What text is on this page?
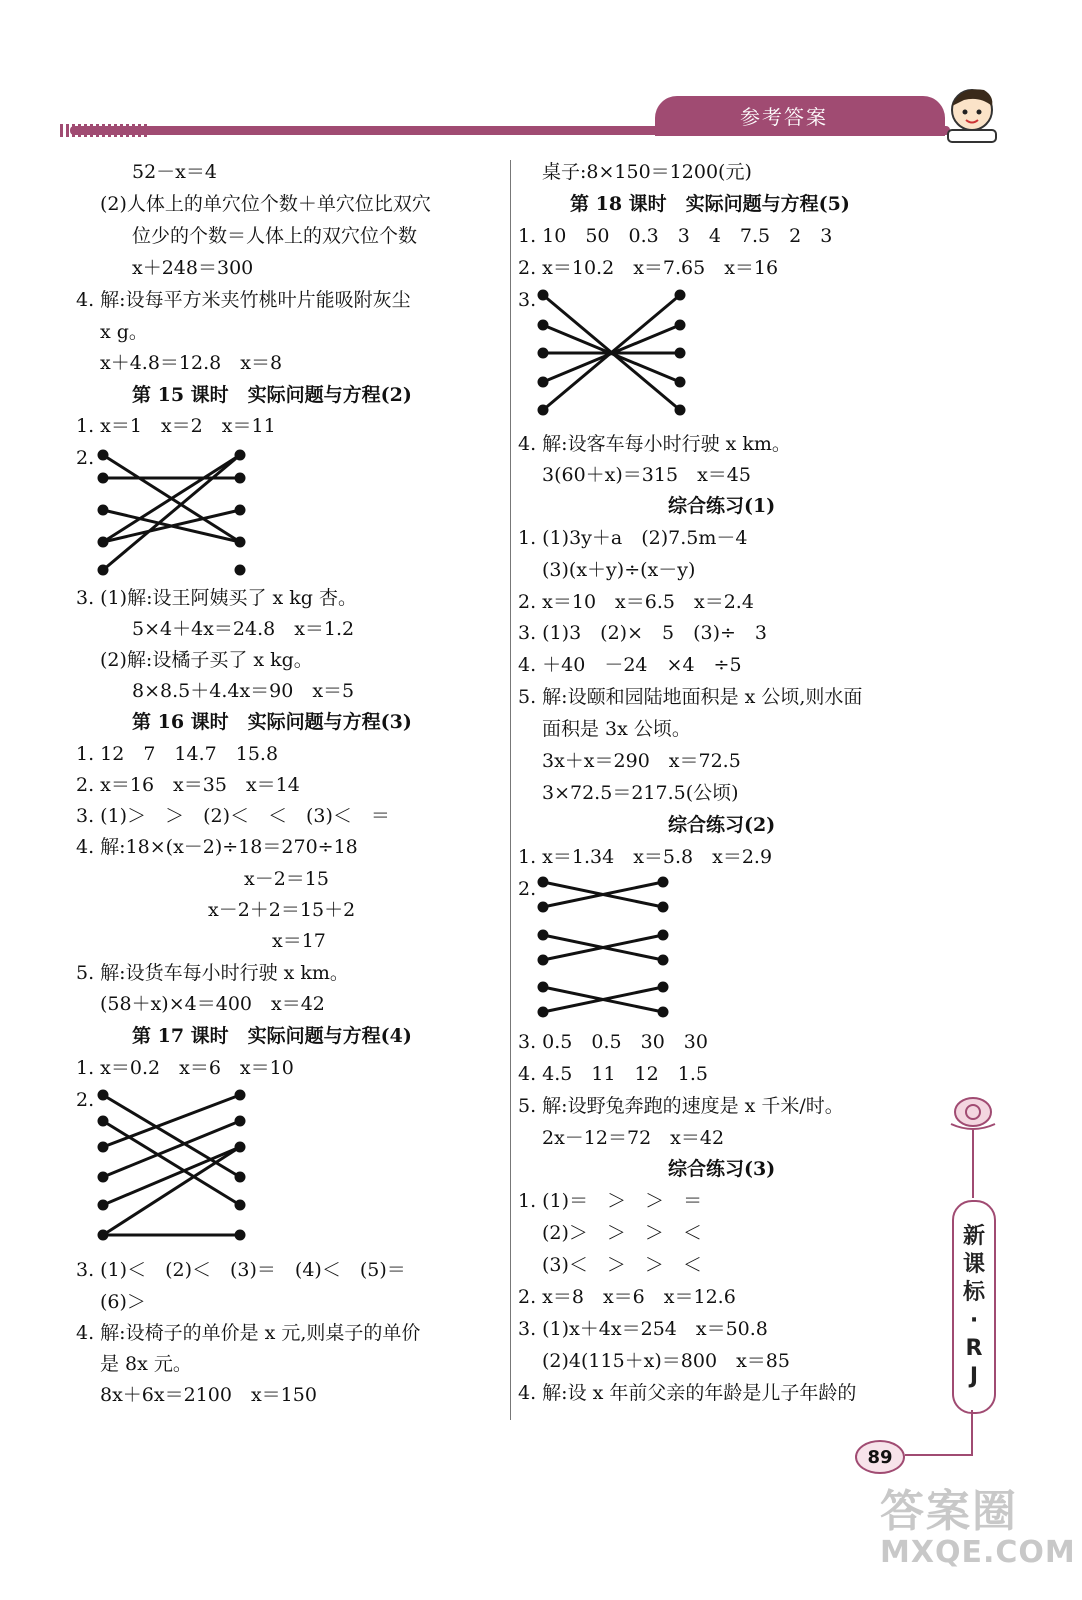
参考答案
52－x＝4
(2)人体上的单穴位个数＋单穴位比双穴
位少的个数＝人体上的双穴位个数
x＋248＝300
4. 解:设每平方米夹竹桃叶片能吸附灰尘
x g。
x＋4.8＝12.8　x＝8
第 15 课时　实际问题与方程(2)
1. x＝1　x＝2　x＝11
2.
3. (1)解:设王阿姨买了 x kg 杏。
5×4＋4x＝24.8　x＝1.2
(2)解:设橘子买了 x kg。
8×8.5＋4.4x＝90　x＝5
第 16 课时　实际问题与方程(3)
1. 12　7　14.7　15.8
2. x＝16　x＝35　x＝14
3. (1)＞　＞　(2)＜　＜　(3)＜　＝
4. 解:18×(x－2)÷18＝270÷18
x－2＝15
x－2＋2＝15＋2
x＝17
5. 解:设货车每小时行驶 x km。
(58＋x)×4＝400　x＝42
第 17 课时　实际问题与方程(4)
1. x＝0.2　x＝6　x＝10
2.
3. (1)＜　(2)＜　(3)＝　(4)＜　(5)＝
(6)＞
4. 解:设椅子的单价是 x 元,则桌子的单价
是 8x 元。
8x＋6x＝2100　x＝150
桌子:8×150＝1200(元)
第 18 课时　实际问题与方程(5)
1. 10　50　0.3　3　4　7.5　2　3
2. x＝10.2　x＝7.65　x＝16
3.
4. 解:设客车每小时行驶 x km。
3(60＋x)＝315　x＝45
综合练习(1)
1. (1)3y＋a　(2)7.5m－4
(3)(x＋y)÷(x－y)
2. x＝10　x＝6.5　x＝2.4
3. (1)3　(2)×　5　(3)÷　3
4. ＋40　－24　×4　÷5
5. 解:设颐和园陆地面积是 x 公顷,则水面
面积是 3x 公顷。
3x＋x＝290　x＝72.5
3×72.5＝217.5(公顷)
综合练习(2)
1. x＝1.34　x＝5.8　x＝2.9
2.
3. 0.5　0.5　30　30
4. 4.5　11　12　1.5
5. 解:设野兔奔跑的速度是 x 千米/时。
2x－12＝72　x＝42
综合练习(3)
1. (1)＝　＞　＞　＝
(2)＞　＞　＞　＜
(3)＜　＞　＞　＜
2. x＝8　x＝6　x＝12.6
3. (1)x＋4x＝254　x＝50.8
(2)4(115＋x)＝800　x＝85
4. 解:设 x 年前父亲的年龄是儿子年龄的
新
课
标
·
R
J
89
答案圈
MXQE.COM
